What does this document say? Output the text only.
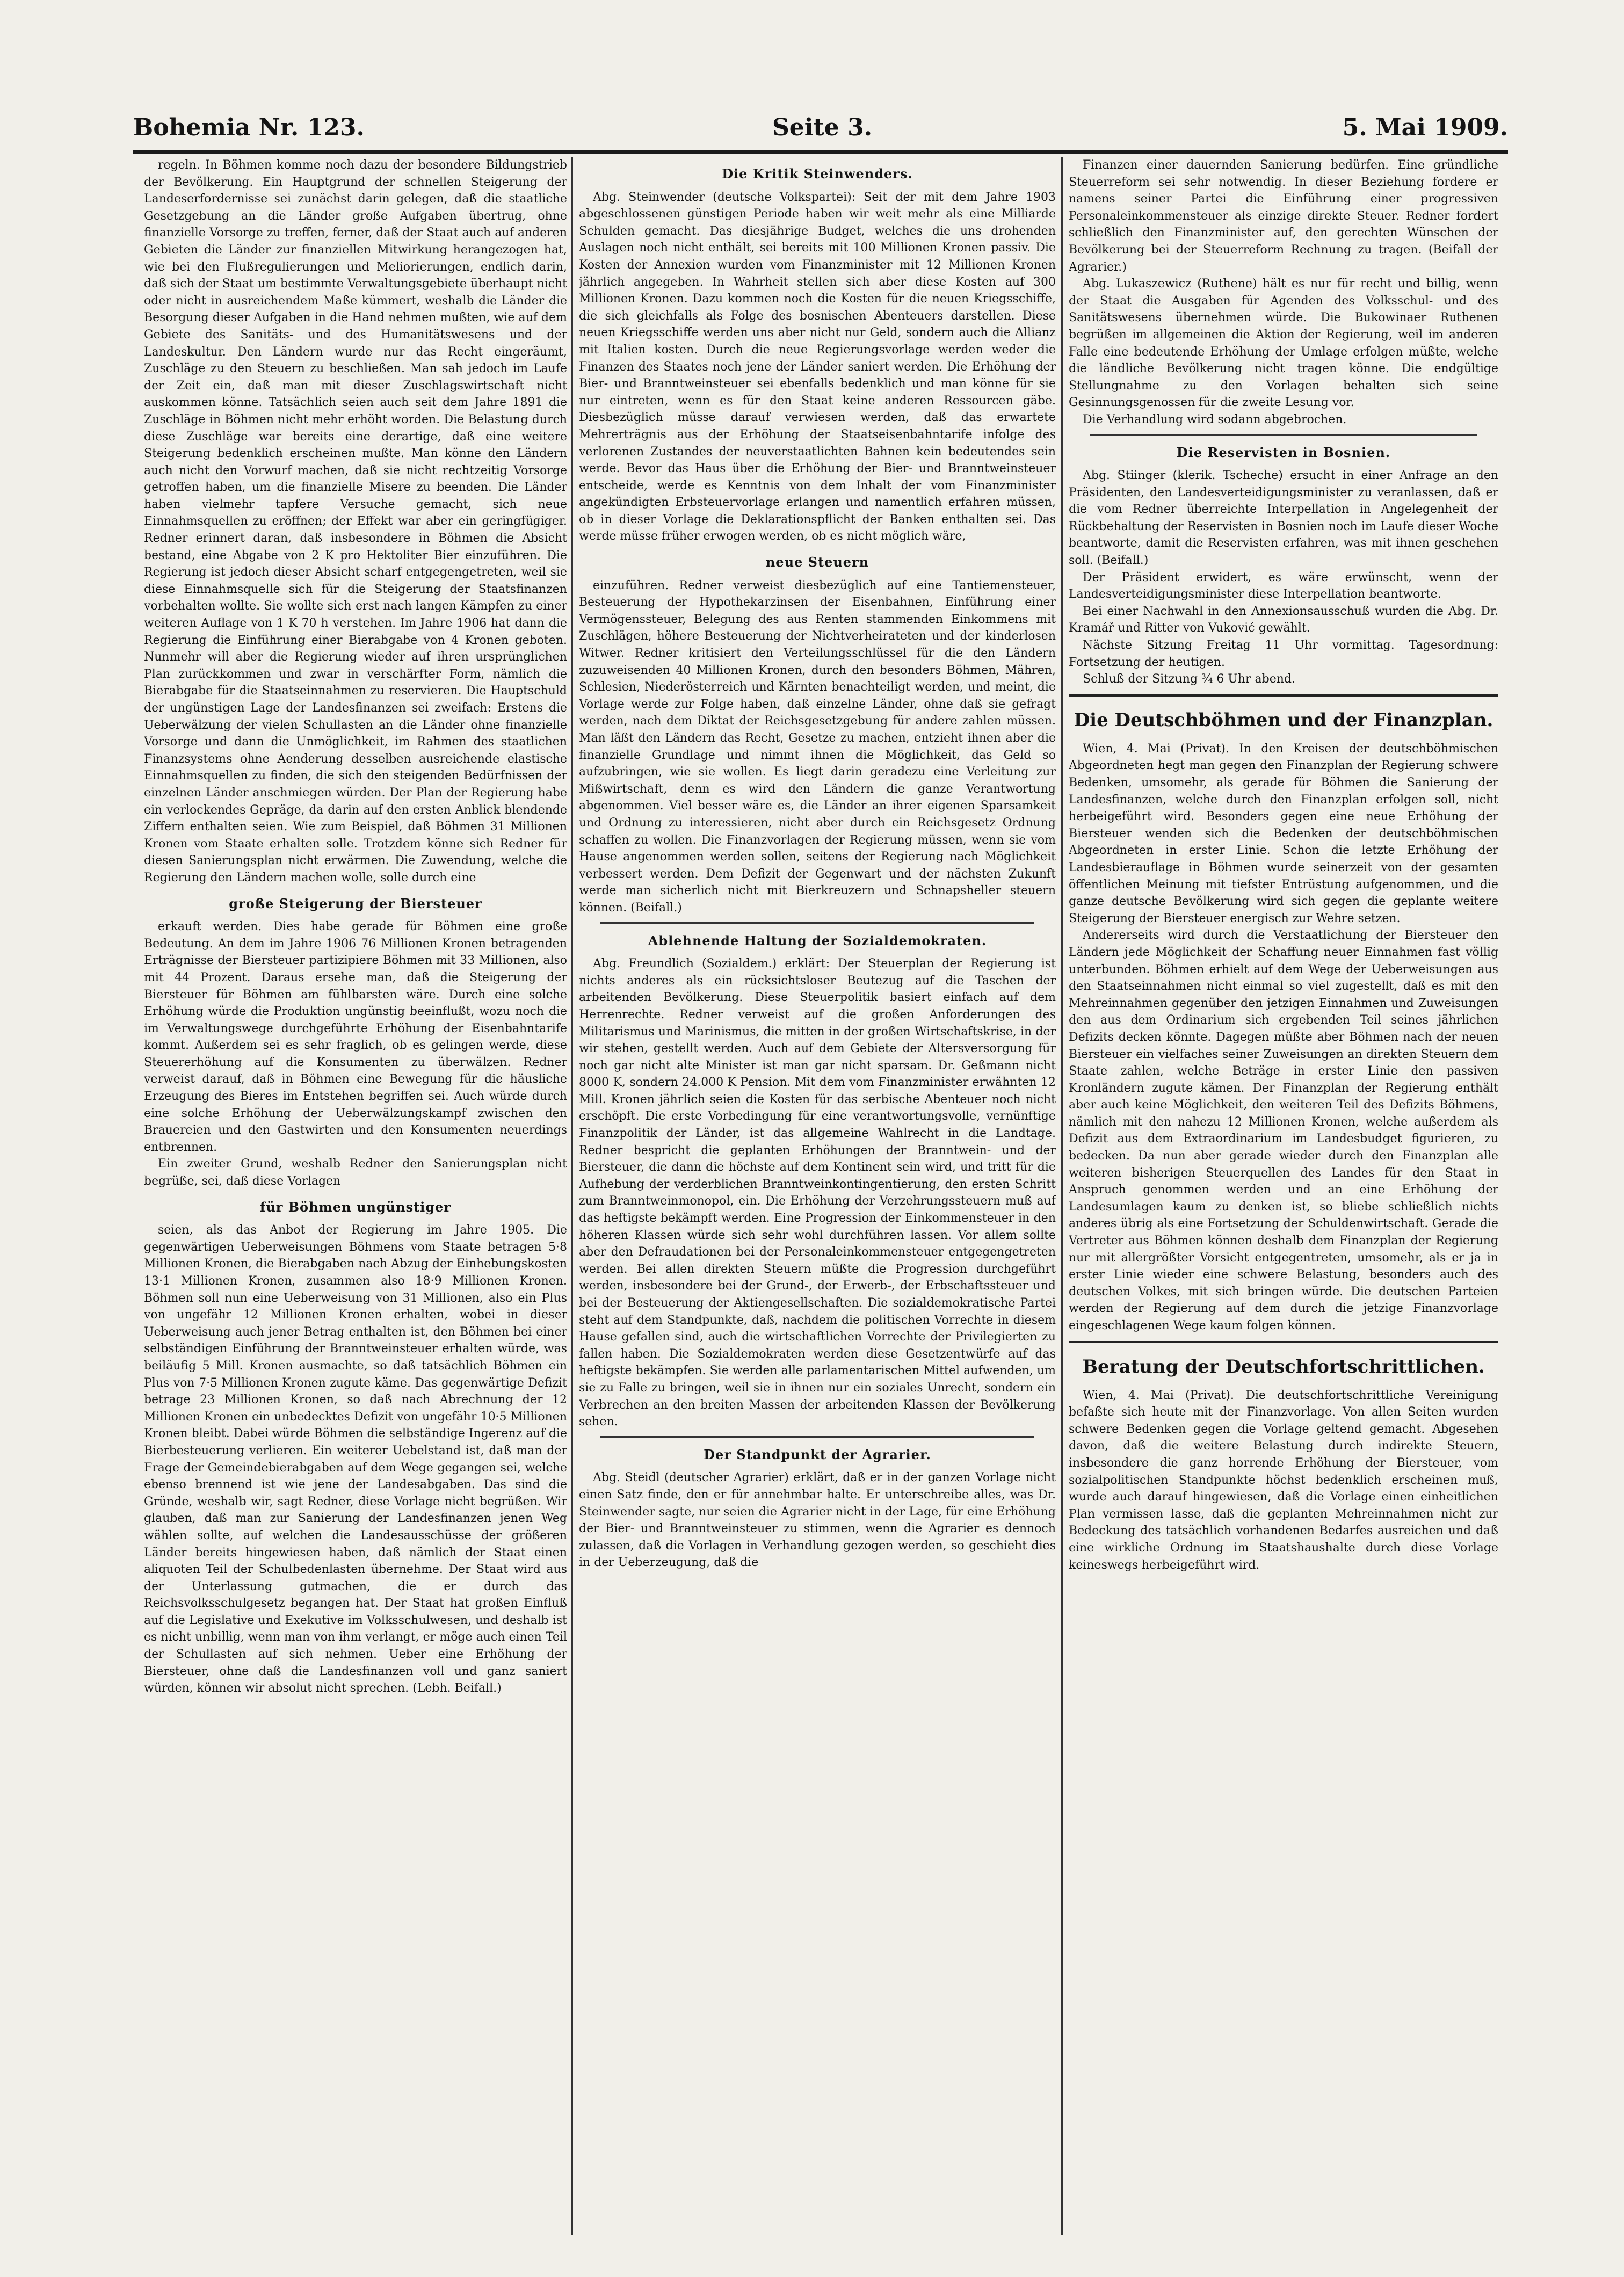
Bohemia Nr. 123.	Seite 3.	5. Mai 1909.

regeln. In Böhmen komme noch dazu der besondere Bildungstrieb der Bevölkerung. Ein Hauptgrund der schnellen Steigerung der Landeserfordernisse sei zunächst darin gelegen, daß die staatliche Gesetzgebung an die Länder große Aufgaben übertrug, ohne finanzielle Vorsorge zu treffen, ferner, daß der Staat auch auf anderen Gebieten die Länder zur finanziellen Mitwirkung herangezogen hat, wie bei den Flußregulierungen und Meliorierungen, endlich darin, daß sich der Staat um bestimmte Verwaltungsgebiete überhaupt nicht oder nicht in ausreichendem Maße kümmert, weshalb die Länder die Besorgung dieser Aufgaben in die Hand nehmen mußten, wie auf dem Gebiete des Sanitäts- und des Humanitätswesens und der Landeskultur. Den Ländern wurde nur das Recht eingeräumt, Zuschläge zu den Steuern zu beschließen. Man sah jedoch im Laufe der Zeit ein, daß man mit dieser Zuschlagswirtschaft nicht auskommen könne. Tatsächlich seien auch seit dem Jahre 1891 die Zuschläge in Böhmen nicht mehr erhöht worden. Die Belastung durch diese Zuschläge war bereits eine derartige, daß eine weitere Steigerung bedenklich erscheinen mußte. Man könne den Ländern auch nicht den Vorwurf machen, daß sie nicht rechtzeitig Vorsorge getroffen haben, um die finanzielle Misere zu beenden. Die Länder haben vielmehr tapfere Versuche gemacht, sich neue Einnahmsquellen zu eröffnen; der Effekt war aber ein geringfügiger. Redner erinnert daran, daß insbesondere in Böhmen die Absicht bestand, eine Abgabe von 2 K pro Hektoliter Bier einzuführen. Die Regierung ist jedoch dieser Absicht scharf entgegengetreten, weil sie diese Einnahmsquelle sich für die Steigerung der Staatsfinanzen vorbehalten wollte. Sie wollte sich erst nach langen Kämpfen zu einer weiteren Auflage von 1 K 70 h verstehen. Im Jahre 1906 hat dann die Regierung die Einführung einer Bierabgabe von 4 Kronen geboten. Nunmehr will aber die Regierung wieder auf ihren ursprünglichen Plan zurückkommen und zwar in verschärfter Form, nämlich die Bierabgabe für die Staatseinnahmen zu reservieren. Die Hauptschuld der ungünstigen Lage der Landesfinanzen sei zweifach: Erstens die Ueberwälzung der vielen Schullasten an die Länder ohne finanzielle Vorsorge und dann die Unmöglichkeit, im Rahmen des staatlichen Finanzsystems ohne Aenderung desselben ausreichende elastische Einnahmsquellen zu finden, die sich den steigenden Bedürfnissen der einzelnen Länder anschmiegen würden. Der Plan der Regierung habe ein verlockendes Gepräge, da darin auf den ersten Anblick blendende Ziffern enthalten seien. Wie zum Beispiel, daß Böhmen 31 Millionen Kronen vom Staate erhalten solle. Trotzdem könne sich Redner für diesen Sanierungsplan nicht erwärmen. Die Zuwendung, welche die Regierung den Ländern machen wolle, solle durch eine

große Steigerung der Biersteuer

erkauft werden. Dies habe gerade für Böhmen eine große Bedeutung. An dem im Jahre 1906 76 Millionen Kronen betragenden Erträgnisse der Biersteuer partizipiere Böhmen mit 33 Millionen, also mit 44 Prozent. Daraus ersehe man, daß die Steigerung der Biersteuer für Böhmen am fühlbarsten wäre. Durch eine solche Erhöhung würde die Produktion ungünstig beeinflußt, wozu noch die im Verwaltungswege durchgeführte Erhöhung der Eisenbahntarife kommt. Außerdem sei es sehr fraglich, ob es gelingen werde, diese Steuererhöhung auf die Konsumenten zu überwälzen. Redner verweist darauf, daß in Böhmen eine Bewegung für die häusliche Erzeugung des Bieres im Entstehen begriffen sei. Auch würde durch eine solche Erhöhung der Ueberwälzungskampf zwischen den Brauereien und den Gastwirten und den Konsumenten neuerdings entbrennen.

Ein zweiter Grund, weshalb Redner den Sanierungsplan nicht begrüße, sei, daß diese Vorlagen

für Böhmen ungünstiger

seien, als das Anbot der Regierung im Jahre 1905. Die gegenwärtigen Ueberweisungen Böhmens vom Staate betragen 5·8 Millionen Kronen, die Bierabgaben nach Abzug der Einhebungskosten 13·1 Millionen Kronen, zusammen also 18·9 Millionen Kronen. Böhmen soll nun eine Ueberweisung von 31 Millionen, also ein Plus von ungefähr 12 Millionen Kronen erhalten, wobei in dieser Ueberweisung auch jener Betrag enthalten ist, den Böhmen bei einer selbständigen Einführung der Branntweinsteuer erhalten würde, was beiläufig 5 Mill. Kronen ausmachte, so daß tatsächlich Böhmen ein Plus von 7·5 Millionen Kronen zugute käme. Das gegenwärtige Defizit betrage 23 Millionen Kronen, so daß nach Abrechnung der 12 Millionen Kronen ein unbedecktes Defizit von ungefähr 10·5 Millionen Kronen bleibt. Dabei würde Böhmen die selbständige Ingerenz auf die Bierbesteuerung verlieren. Ein weiterer Uebelstand ist, daß man der Frage der Gemeindebierabgaben auf dem Wege gegangen sei, welche ebenso brennend ist wie jene der Landesabgaben. Das sind die Gründe, weshalb wir, sagt Redner, diese Vorlage nicht begrüßen. Wir glauben, daß man zur Sanierung der Landesfinanzen jenen Weg wählen sollte, auf welchen die Landesausschüsse der größeren Länder bereits hingewiesen haben, daß nämlich der Staat einen aliquoten Teil der Schulbedenlasten übernehme. Der Staat wird aus der Unterlassung gutmachen, die er durch das Reichsvolksschulgesetz begangen hat. Der Staat hat großen Einfluß auf die Legislative und Exekutive im Volksschulwesen, und deshalb ist es nicht unbillig, wenn man von ihm verlangt, er möge auch einen Teil der Schullasten auf sich nehmen. Ueber eine Erhöhung der Biersteuer, ohne daß die Landesfinanzen voll und ganz saniert würden, können wir absolut nicht sprechen. (Lebh. Beifall.)

Die Kritik Steinwenders.

Abg. Steinwender (deutsche Volkspartei): Seit der mit dem Jahre 1903 abgeschlossenen günstigen Periode haben wir weit mehr als eine Milliarde Schulden gemacht. Das diesjährige Budget, welches die uns drohenden Auslagen noch nicht enthält, sei bereits mit 100 Millionen Kronen passiv. Die Kosten der Annexion wurden vom Finanzminister mit 12 Millionen Kronen jährlich angegeben. In Wahrheit stellen sich aber diese Kosten auf 300 Millionen Kronen. Dazu kommen noch die Kosten für die neuen Kriegsschiffe, die sich gleichfalls als Folge des bosnischen Abenteuers darstellen. Diese neuen Kriegsschiffe werden uns aber nicht nur Geld, sondern auch die Allianz mit Italien kosten. Durch die neue Regierungsvorlage werden weder die Finanzen des Staates noch jene der Länder saniert werden. Die Erhöhung der Bier- und Branntweinsteuer sei ebenfalls bedenklich und man könne für sie nur eintreten, wenn es für den Staat keine anderen Ressourcen gäbe. Diesbezüglich müsse darauf verwiesen werden, daß das erwartete Mehrerträgnis aus der Erhöhung der Staatseisenbahntarife infolge des verlorenen Zustandes der neuverstaatlichten Bahnen kein bedeutendes sein werde. Bevor das Haus über die Erhöhung der Bier- und Branntweinsteuer entscheide, werde es Kenntnis von dem Inhalt der vom Finanzminister angekündigten Erbsteuervorlage erlangen und namentlich erfahren müssen, ob in dieser Vorlage die Deklarationspflicht der Banken enthalten sei. Das werde müsse früher erwogen werden, ob es nicht möglich wäre,

neue Steuern

einzuführen. Redner verweist diesbezüglich auf eine Tantiemensteuer, Besteuerung der Hypothekarzinsen der Eisenbahnen, Einführung einer Vermögenssteuer, Belegung des aus Renten stammenden Einkommens mit Zuschlägen, höhere Besteuerung der Nichtverheirateten und der kinderlosen Witwer. Redner kritisiert den Verteilungsschlüssel für die den Ländern zuzuweisenden 40 Millionen Kronen, durch den besonders Böhmen, Mähren, Schlesien, Niederösterreich und Kärnten benachteiligt werden, und meint, die Vorlage werde zur Folge haben, daß einzelne Länder, ohne daß sie gefragt werden, nach dem Diktat der Reichsgesetzgebung für andere zahlen müssen. Man läßt den Ländern das Recht, Gesetze zu machen, entzieht ihnen aber die finanzielle Grundlage und nimmt ihnen die Möglichkeit, das Geld so aufzubringen, wie sie wollen. Es liegt darin geradezu eine Verleitung zur Mißwirtschaft, denn es wird den Ländern die ganze Verantwortung abgenommen. Viel besser wäre es, die Länder an ihrer eigenen Sparsamkeit und Ordnung zu interessieren, nicht aber durch ein Reichsgesetz Ordnung schaffen zu wollen. Die Finanzvorlagen der Regierung müssen, wenn sie vom Hause angenommen werden sollen, seitens der Regierung nach Möglichkeit verbessert werden. Dem Defizit der Gegenwart und der nächsten Zukunft werde man sicherlich nicht mit Bierkreuzern und Schnapsheller steuern können. (Beifall.)

Ablehnende Haltung der Sozialdemokraten.

Abg. Freundlich (Sozialdem.) erklärt: Der Steuerplan der Regierung ist nichts anderes als ein rücksichtsloser Beutezug auf die Taschen der arbeitenden Bevölkerung. Diese Steuerpolitik basiert einfach auf dem Herrenrechte. Redner verweist auf die großen Anforderungen des Militarismus und Marinismus, die mitten in der großen Wirtschaftskrise, in der wir stehen, gestellt werden. Auch auf dem Gebiete der Altersversorgung für noch gar nicht alte Minister ist man gar nicht sparsam. Dr. Geßmann nicht 8000 K, sondern 24.000 K Pension. Mit dem vom Finanzminister erwähnten 12 Mill. Kronen jährlich seien die Kosten für das serbische Abenteuer noch nicht erschöpft. Die erste Vorbedingung für eine verantwortungsvolle, vernünftige Finanzpolitik der Länder, ist das allgemeine Wahlrecht in die Landtage. Redner bespricht die geplanten Erhöhungen der Branntwein- und der Biersteuer, die dann die höchste auf dem Kontinent sein wird, und tritt für die Aufhebung der verderblichen Branntweinkontingentierung, den ersten Schritt zum Branntweinmonopol, ein. Die Erhöhung der Verzehrungssteuern muß auf das heftigste bekämpft werden. Eine Progression der Einkommensteuer in den höheren Klassen würde sich sehr wohl durchführen lassen. Vor allem sollte aber den Defraudationen bei der Personaleinkommensteuer entgegengetreten werden. Bei allen direkten Steuern müßte die Progression durchgeführt werden, insbesondere bei der Grund-, der Erwerb-, der Erbschaftssteuer und bei der Besteuerung der Aktiengesellschaften. Die sozialdemokratische Partei steht auf dem Standpunkte, daß, nachdem die politischen Vorrechte in diesem Hause gefallen sind, auch die wirtschaftlichen Vorrechte der Privilegierten zu fallen haben. Die Sozialdemokraten werden diese Gesetzentwürfe auf das heftigste bekämpfen. Sie werden alle parlamentarischen Mittel aufwenden, um sie zu Falle zu bringen, weil sie in ihnen nur ein soziales Unrecht, sondern ein Verbrechen an den breiten Massen der arbeitenden Klassen der Bevölkerung sehen.

Der Standpunkt der Agrarier.

Abg. Steidl (deutscher Agrarier) erklärt, daß er in der ganzen Vorlage nicht einen Satz finde, den er für annehmbar halte. Er unterschreibe alles, was Dr. Steinwender sagte, nur seien die Agrarier nicht in der Lage, für eine Erhöhung der Bier- und Branntweinsteuer zu stimmen, wenn die Agrarier es dennoch zulassen, daß die Vorlagen in Verhandlung gezogen werden, so geschieht dies in der Ueberzeugung, daß die

Finanzen einer dauernden Sanierung bedürfen. Eine gründliche Steuerreform sei sehr notwendig. In dieser Beziehung fordere er namens seiner Partei die Einführung einer progressiven Personaleinkommensteuer als einzige direkte Steuer. Redner fordert schließlich den Finanzminister auf, den gerechten Wünschen der Bevölkerung bei der Steuerreform Rechnung zu tragen. (Beifall der Agrarier.)

Abg. Lukaszewicz (Ruthene) hält es nur für recht und billig, wenn der Staat die Ausgaben für Agenden des Volksschul- und des Sanitätswesens übernehmen würde. Die Bukowinaer Ruthenen begrüßen im allgemeinen die Aktion der Regierung, weil im anderen Falle eine bedeutende Erhöhung der Umlage erfolgen müßte, welche die ländliche Bevölkerung nicht tragen könne. Die endgültige Stellungnahme zu den Vorlagen behalten sich seine Gesinnungsgenossen für die zweite Lesung vor.

Die Verhandlung wird sodann abgebrochen.

Die Reservisten in Bosnien.

Abg. Stiinger (klerik. Tscheche) ersucht in einer Anfrage an den Präsidenten, den Landesverteidigungsminister zu veranlassen, daß er die vom Redner überreichte Interpellation in Angelegenheit der Rückbehaltung der Reservisten in Bosnien noch im Laufe dieser Woche beantworte, damit die Reservisten erfahren, was mit ihnen geschehen soll. (Beifall.)

Der Präsident erwidert, es wäre erwünscht, wenn der Landesverteidigungsminister diese Interpellation beantworte.

Bei einer Nachwahl in den Annexionsausschuß wurden die Abg. Dr. Kramář und Ritter von Vuković gewählt.

Nächste Sitzung Freitag 11 Uhr vormittag. Tagesordnung: Fortsetzung der heutigen.

Schluß der Sitzung ¾ 6 Uhr abend.

Die Deutschböhmen und der Finanzplan.

Wien, 4. Mai (Privat). In den Kreisen der deutschböhmischen Abgeordneten hegt man gegen den Finanzplan der Regierung schwere Bedenken, umsomehr, als gerade für Böhmen die Sanierung der Landesfinanzen, welche durch den Finanzplan erfolgen soll, nicht herbeigeführt wird. Besonders gegen eine neue Erhöhung der Biersteuer wenden sich die Bedenken der deutschböhmischen Abgeordneten in erster Linie. Schon die letzte Erhöhung der Landesbierauflage in Böhmen wurde seinerzeit von der gesamten öffentlichen Meinung mit tiefster Entrüstung aufgenommen, und die ganze deutsche Bevölkerung wird sich gegen die geplante weitere Steigerung der Biersteuer energisch zur Wehre setzen.

Andererseits wird durch die Verstaatlichung der Biersteuer den Ländern jede Möglichkeit der Schaffung neuer Einnahmen fast völlig unterbunden. Böhmen erhielt auf dem Wege der Ueberweisungen aus den Staatseinnahmen nicht einmal so viel zugestellt, daß es mit den Mehreinnahmen gegenüber den jetzigen Einnahmen und Zuweisungen den aus dem Ordinarium sich ergebenden Teil seines jährlichen Defizits decken könnte. Dagegen müßte aber Böhmen nach der neuen Biersteuer ein vielfaches seiner Zuweisungen an direkten Steuern dem Staate zahlen, welche Beträge in erster Linie den passiven Kronländern zugute kämen. Der Finanzplan der Regierung enthält aber auch keine Möglichkeit, den weiteren Teil des Defizits Böhmens, nämlich mit den nahezu 12 Millionen Kronen, welche außerdem als Defizit aus dem Extraordinarium im Landesbudget figurieren, zu bedecken. Da nun aber gerade wieder durch den Finanzplan alle weiteren bisherigen Steuerquellen des Landes für den Staat in Anspruch genommen werden und an eine Erhöhung der Landesumlagen kaum zu denken ist, so bliebe schließlich nichts anderes übrig als eine Fortsetzung der Schuldenwirtschaft. Gerade die Vertreter aus Böhmen können deshalb dem Finanzplan der Regierung nur mit allergrößter Vorsicht entgegentreten, umsomehr, als er ja in erster Linie wieder eine schwere Belastung, besonders auch des deutschen Volkes, mit sich bringen würde. Die deutschen Parteien werden der Regierung auf dem durch die jetzige Finanzvorlage eingeschlagenen Wege kaum folgen können.

Beratung der Deutschfortschrittlichen.

Wien, 4. Mai (Privat). Die deutschfortschrittliche Vereinigung befaßte sich heute mit der Finanzvorlage. Von allen Seiten wurden schwere Bedenken gegen die Vorlage geltend gemacht. Abgesehen davon, daß die weitere Belastung durch indirekte Steuern, insbesondere die ganz horrende Erhöhung der Biersteuer, vom sozialpolitischen Standpunkte höchst bedenklich erscheinen muß, wurde auch darauf hingewiesen, daß die Vorlage einen einheitlichen Plan vermissen lasse, daß die geplanten Mehreinnahmen nicht zur Bedeckung des tatsächlich vorhandenen Bedarfes ausreichen und daß eine wirkliche Ordnung im Staatshaushalte durch diese Vorlage keineswegs herbeigeführt wird.
